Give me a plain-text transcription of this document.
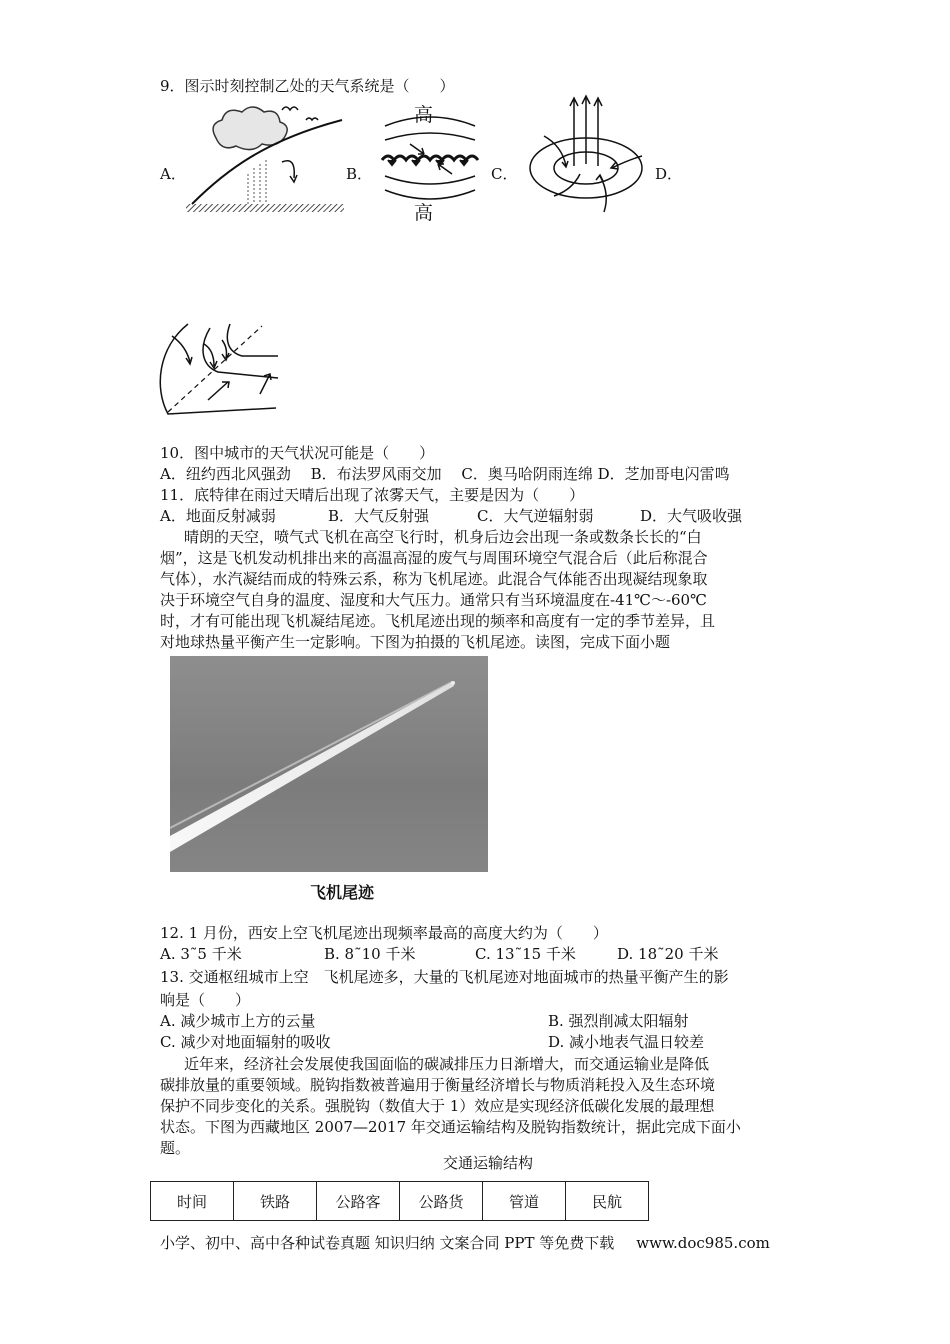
9．图示时刻控制乙处的天气系统是（　　）
A．	B．	C．	D．
高
高
10．图中城市的天气状况可能是（　　）
A．纽约西北风强劲　 B．布法罗风雨交加　 C．奥马哈阴雨连绵 D．芝加哥电闪雷鸣
11．底特律在雨过天晴后出现了浓雾天气，主要是因为（　　）
A．地面反射减弱	B．大气反射强	C．大气逆辐射弱	D．大气吸收强
晴朗的天空，喷气式飞机在高空飞行时，机身后边会出现一条或数条长长的“白
烟”，这是飞机发动机排出来的高温高湿的废气与周围环境空气混合后（此后称混合
气体），水汽凝结而成的特殊云系，称为飞机尾迹。此混合气体能否出现凝结现象取
决于环境空气自身的温度、湿度和大气压力。通常只有当环境温度在-41℃～-60℃
时，才有可能出现飞机凝结尾迹。飞机尾迹出现的频率和高度有一定的季节差异，且
对地球热量平衡产生一定影响。下图为拍摄的飞机尾迹。读图，完成下面小题
飞机尾迹
12. 1 月份，西安上空飞机尾迹出现频率最高的高度大约为（　　）
A. 3˜5 千米	B. 8˜10 千米	C. 13˜15 千米	D. 18˜20 千米
13. 交通枢纽城市上空　飞机尾迹多，大量的飞机尾迹对地面城市的热量平衡产生的影
响是（　　）
A. 减少城市上方的云量	B. 强烈削减太阳辐射
C. 减少对地面辐射的吸收	D. 减小地表气温日较差
近年来，经济社会发展使我国面临的碳减排压力日渐增大，而交通运输业是降低
碳排放量的重要领域。脱钩指数被普遍用于衡量经济增长与物质消耗投入及生态环境
保护不同步变化的关系。强脱钩（数值大于 1）效应是实现经济低碳化发展的最理想
状态。下图为西藏地区 2007—2017 年交通运输结构及脱钩指数统计，据此完成下面小
题。
交通运输结构
时间	铁路	公路客	公路货	管道	民航
小学、初中、高中各种试卷真题 知识归纳 文案合同 PPT 等免费下载 www.doc985.com
